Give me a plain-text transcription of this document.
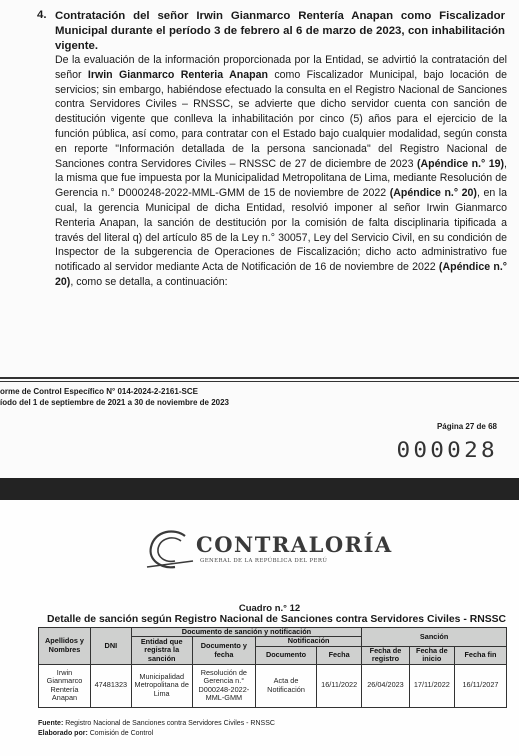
4. Contratación del señor Irwin Gianmarco Rentería Anapan como Fiscalizador Municipal durante el período 3 de febrero al 6 de marzo de 2023, con inhabilitación vigente.

De la evaluación de la información proporcionada por la Entidad, se advirtió la contratación del señor Irwin Gianmarco Renteria Anapan como Fiscalizador Municipal, bajo locación de servicios; sin embargo, habiéndose efectuado la consulta en el Registro Nacional de Sanciones contra Servidores Civiles – RNSSC, se advierte que dicho servidor cuenta con sanción de destitución vigente que conlleva la inhabilitación por cinco (5) años para el ejercicio de la función pública, así como, para contratar con el Estado bajo cualquier modalidad, según consta en reporte "Información detallada de la persona sancionada" del Registro Nacional de Sanciones contra Servidores Civiles – RNSSC de 27 de diciembre de 2023 (Apéndice n.° 19), la misma que fue impuesta por la Municipalidad Metropolitana de Lima, mediante Resolución de Gerencia n.° D000248-2022-MML-GMM de 15 de noviembre de 2022 (Apéndice n.° 20), en la cual, la gerencia Municipal de dicha Entidad, resolvió imponer al señor Irwin Gianmarco Renteria Anapan, la sanción de destitución por la comisión de falta disciplinaria tipificada a través del literal q) del artículo 85 de la Ley n.° 30057, Ley del Servicio Civil, en su condición de Inspector de la subgerencia de Operaciones de Fiscalización; dicho acto administrativo fue notificado al servidor mediante Acta de Notificación de 16 de noviembre de 2022 (Apéndice n.° 20), como se detalla, a continuación:

orme de Control Específico N° 014-2024-2-2161-SCE
íodo del 1 de septiembre de 2021 a 30 de noviembre de 2023
Página 27 de 68
000028
CONTRALORÍA
GENERAL DE LA REPÚBLICA DEL PERÚ
Cuadro n.° 12
Detalle de sanción según Registro Nacional de Sanciones contra Servidores Civiles - RNSSC
Apellidos y Nombres	DNI	Documento de sanción y notificación				Sanción		
		Entidad que registra la sanción	Documento y fecha	Notificación				
				Documento	Fecha	Fecha de registro	Fecha de inicio	Fecha fin
Irwin Gianmarco Rentería Anapan	47481323	Municipalidad Metropolitana de Lima	Resolución de Gerencia n.° D000248-2022-MML-GMM	Acta de Notificación	16/11/2022	26/04/2023	17/11/2022	16/11/2027
Fuente: Registro Nacional de Sanciones contra Servidores Civiles - RNSSC
Elaborado por: Comisión de Control
